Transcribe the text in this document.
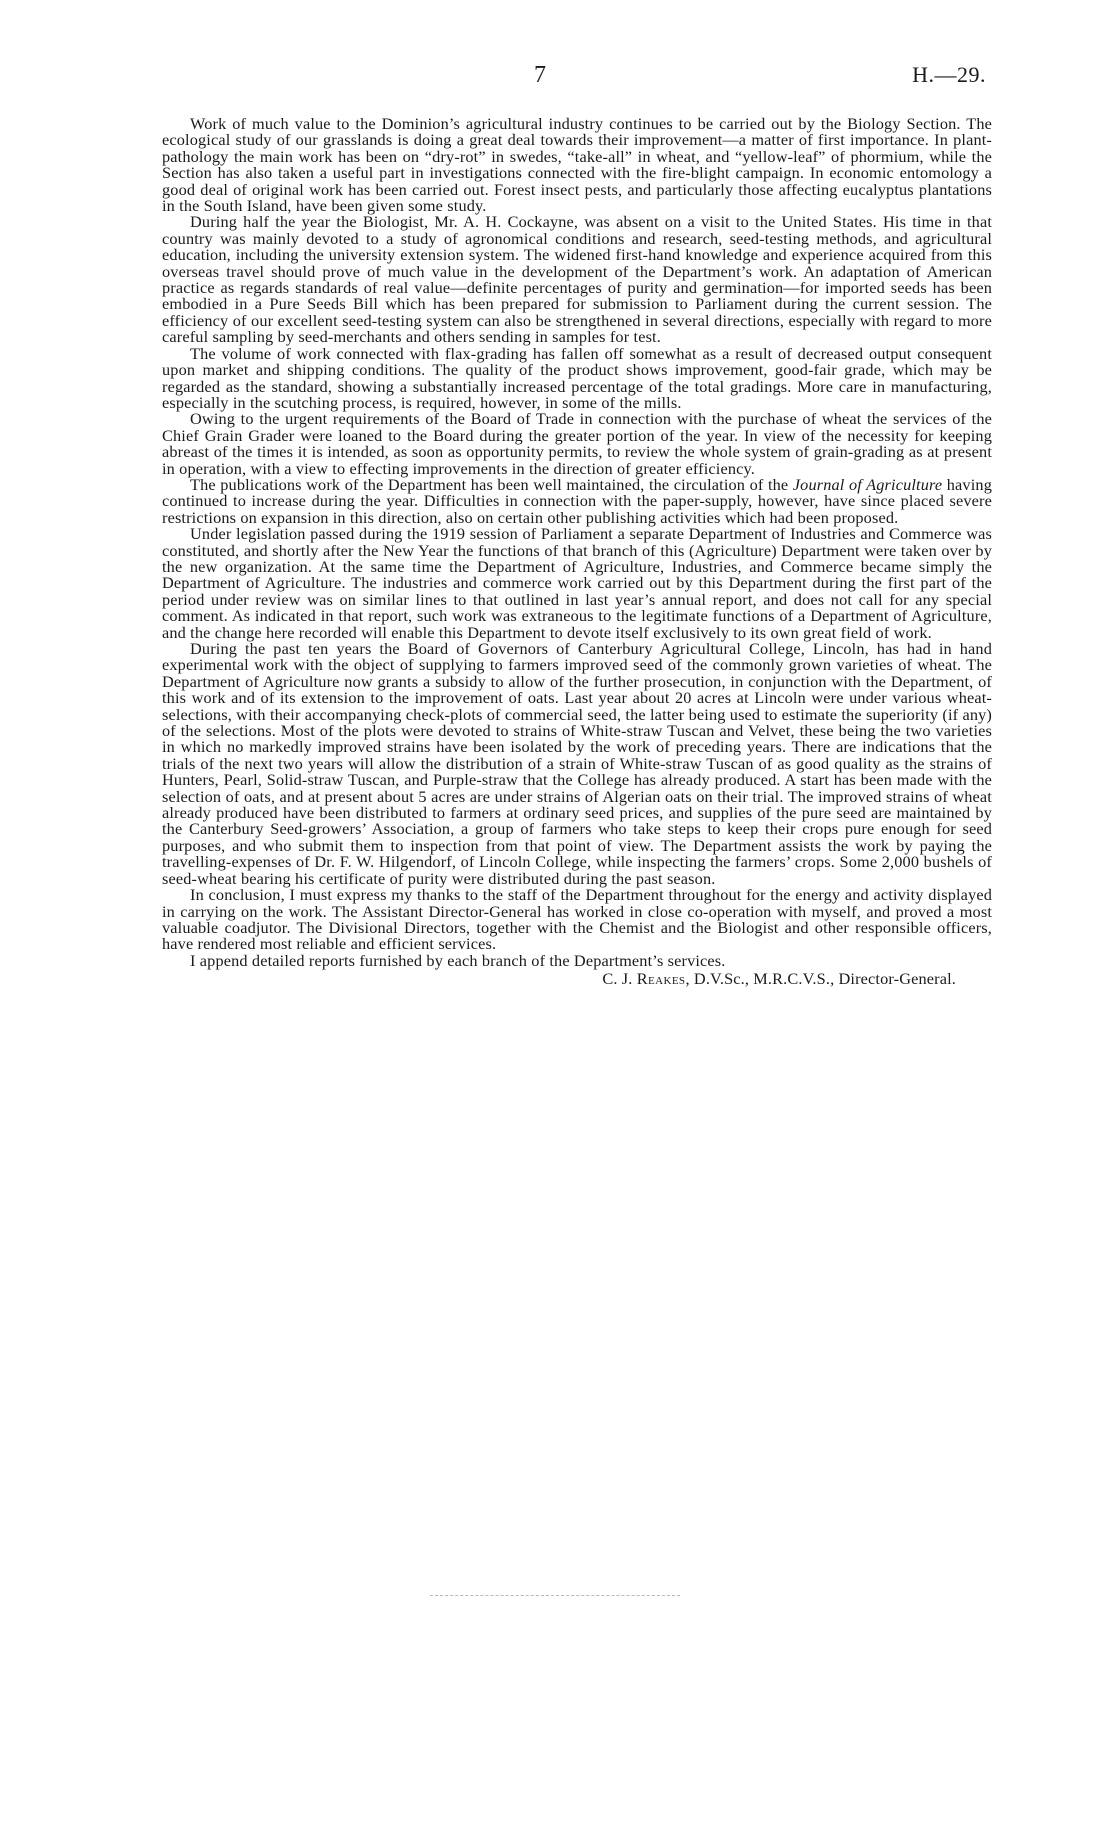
7	H.—29.

Work of much value to the Dominion’s agricultural industry continues to be carried out by the Biology Section. The ecological study of our grasslands is doing a great deal towards their improvement—a matter of first importance. In plant-pathology the main work has been on “dry-rot” in swedes, “take-all” in wheat, and “yellow-leaf” of phormium, while the Section has also taken a useful part in investigations connected with the fire-blight campaign. In economic entomology a good deal of original work has been carried out. Forest insect pests, and particularly those affecting eucalyptus plantations in the South Island, have been given some study.

During half the year the Biologist, Mr. A. H. Cockayne, was absent on a visit to the United States. His time in that country was mainly devoted to a study of agronomical conditions and research, seed-testing methods, and agricultural education, including the university extension system. The widened first-hand knowledge and experience acquired from this overseas travel should prove of much value in the development of the Department’s work. An adaptation of American practice as regards standards of real value—definite percentages of purity and germination—for imported seeds has been embodied in a Pure Seeds Bill which has been prepared for submission to Parliament during the current session. The efficiency of our excellent seed-testing system can also be strengthened in several directions, especially with regard to more careful sampling by seed-merchants and others sending in samples for test.

The volume of work connected with flax-grading has fallen off somewhat as a result of decreased output consequent upon market and shipping conditions. The quality of the product shows improvement, good-fair grade, which may be regarded as the standard, showing a substantially increased percentage of the total gradings. More care in manufacturing, especially in the scutching process, is required, however, in some of the mills.

Owing to the urgent requirements of the Board of Trade in connection with the purchase of wheat the services of the Chief Grain Grader were loaned to the Board during the greater portion of the year. In view of the necessity for keeping abreast of the times it is intended, as soon as opportunity permits, to review the whole system of grain-grading as at present in operation, with a view to effecting improvements in the direction of greater efficiency.

The publications work of the Department has been well maintained, the circulation of the Journal of Agriculture having continued to increase during the year. Difficulties in connection with the paper-supply, however, have since placed severe restrictions on expansion in this direction, also on certain other publishing activities which had been proposed.

Under legislation passed during the 1919 session of Parliament a separate Department of Industries and Commerce was constituted, and shortly after the New Year the functions of that branch of this (Agriculture) Department were taken over by the new organization. At the same time the Department of Agriculture, Industries, and Commerce became simply the Department of Agriculture. The industries and commerce work carried out by this Department during the first part of the period under review was on similar lines to that outlined in last year’s annual report, and does not call for any special comment. As indicated in that report, such work was extraneous to the legitimate functions of a Department of Agriculture, and the change here recorded will enable this Department to devote itself exclusively to its own great field of work.

During the past ten years the Board of Governors of Canterbury Agricultural College, Lincoln, has had in hand experimental work with the object of supplying to farmers improved seed of the commonly grown varieties of wheat. The Department of Agriculture now grants a subsidy to allow of the further prosecution, in conjunction with the Department, of this work and of its extension to the improvement of oats. Last year about 20 acres at Lincoln were under various wheat-selections, with their accompanying check-plots of commercial seed, the latter being used to estimate the superiority (if any) of the selections. Most of the plots were devoted to strains of White-straw Tuscan and Velvet, these being the two varieties in which no markedly improved strains have been isolated by the work of preceding years. There are indications that the trials of the next two years will allow the distribution of a strain of White-straw Tuscan of as good quality as the strains of Hunters, Pearl, Solid-straw Tuscan, and Purple-straw that the College has already produced. A start has been made with the selection of oats, and at present about 5 acres are under strains of Algerian oats on their trial. The improved strains of wheat already produced have been distributed to farmers at ordinary seed prices, and supplies of the pure seed are maintained by the Canterbury Seed-growers’ Association, a group of farmers who take steps to keep their crops pure enough for seed purposes, and who submit them to inspection from that point of view. The Department assists the work by paying the travelling-expenses of Dr. F. W. Hilgendorf, of Lincoln College, while inspecting the farmers’ crops. Some 2,000 bushels of seed-wheat bearing his certificate of purity were distributed during the past season.

In conclusion, I must express my thanks to the staff of the Department throughout for the energy and activity displayed in carrying on the work. The Assistant Director-General has worked in close co-operation with myself, and proved a most valuable coadjutor. The Divisional Directors, together with the Chemist and the Biologist and other responsible officers, have rendered most reliable and efficient services.

I append detailed reports furnished by each branch of the Department’s services.

C. J. Reakes, D.V.Sc., M.R.C.V.S., Director-General.
